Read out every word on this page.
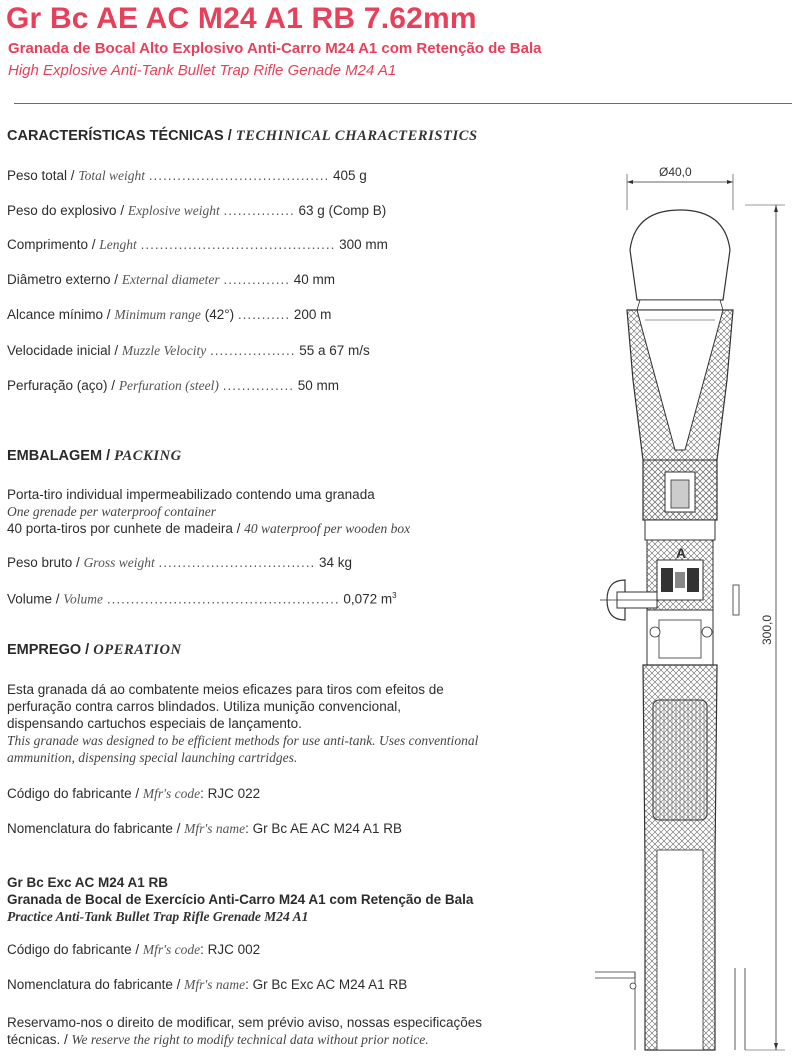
Gr Bc AE AC M24 A1 RB 7.62mm
Granada de Bocal Alto Explosivo Anti-Carro M24 A1 com Retenção de Bala
High Explosive Anti-Tank Bullet Trap Rifle Genade M24 A1
CARACTERÍSTICAS TÉCNICAS / TECHINICAL CHARACTERISTICS
Peso total / Total weight ...................................... 405 g
Peso do explosivo / Explosive weight ............... 63 g (Comp B)
Comprimento / Lenght ......................................... 300 mm
Diâmetro externo / External diameter .............. 40 mm
Alcance mínimo / Minimum range (42°) ........... 200 m
Velocidade inicial / Muzzle Velocity .................. 55 a 67 m/s
Perfuração (aço) / Perfuration (steel) ............... 50 mm
EMBALAGEM / PACKING
Porta-tiro individual impermeabilizado contendo uma granada
One grenade per waterproof container
40 porta-tiros por cunhete de madeira / 40 waterproof per wooden box
Peso bruto / Gross weight ................................. 34 kg
Volume / Volume ................................................. 0,072 $m^3$
EMPREGO / OPERATION
Esta granada dá ao combatente meios eficazes para tiros com efeitos de
perfuração contra carros blindados. Utiliza munição convencional,
dispensando cartuchos especiais de lançamento.
This granade was designed to be efficient methods for use anti-tank. Uses conventional
ammunition, dispensing special launching cartridges.
Código do fabricante / Mfr's code: RJC 022
Nomenclatura do fabricante / Mfr's name: Gr Bc AE AC M24 A1 RB
Gr Bc Exc AC M24 A1 RB
Granada de Bocal de Exercício Anti-Carro M24 A1 com Retenção de Bala
Practice Anti-Tank Bullet Trap Rifle Grenade M24 A1
Código do fabricante / Mfr's code: RJC 002
Nomenclatura do fabricante / Mfr's name: Gr Bc Exc AC M24 A1 RB
Reservamo-nos o direito de modificar, sem prévio aviso, nossas especificações
técnicas. / We reserve the right to modify technical data without prior notice.
Ø40,0
300,0
